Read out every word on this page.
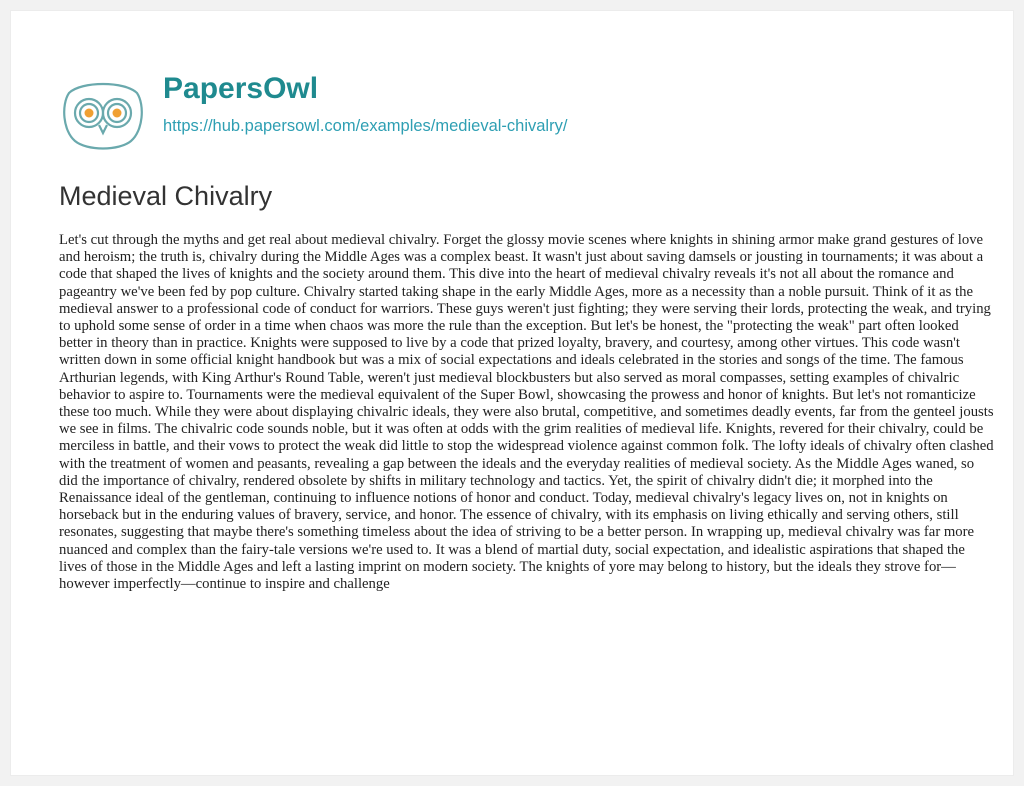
PapersOwl
https://hub.papersowl.com/examples/medieval-chivalry/
Medieval Chivalry

Let's cut through the myths and get real about medieval chivalry. Forget the glossy movie scenes where knights in shining armor make grand gestures of love and heroism; the truth is, chivalry during the Middle Ages was a complex beast. It wasn't just about saving damsels or jousting in tournaments; it was about a code that shaped the lives of knights and the society around them. This dive into the heart of medieval chivalry reveals it's not all about the romance and pageantry we've been fed by pop culture. Chivalry started taking shape in the early Middle Ages, more as a necessity than a noble pursuit. Think of it as the medieval answer to a professional code of conduct for warriors. These guys weren't just fighting; they were serving their lords, protecting the weak, and trying to uphold some sense of order in a time when chaos was more the rule than the exception. But let's be honest, the "protecting the weak" part often looked better in theory than in practice. Knights were supposed to live by a code that prized loyalty, bravery, and courtesy, among other virtues. This code wasn't written down in some official knight handbook but was a mix of social expectations and ideals celebrated in the stories and songs of the time. The famous Arthurian legends, with King Arthur's Round Table, weren't just medieval blockbusters but also served as moral compasses, setting examples of chivalric behavior to aspire to. Tournaments were the medieval equivalent of the Super Bowl, showcasing the prowess and honor of knights. But let's not romanticize these too much. While they were about displaying chivalric ideals, they were also brutal, competitive, and sometimes deadly events, far from the genteel jousts we see in films. The chivalric code sounds noble, but it was often at odds with the grim realities of medieval life. Knights, revered for their chivalry, could be merciless in battle, and their vows to protect the weak did little to stop the widespread violence against common folk. The lofty ideals of chivalry often clashed with the treatment of women and peasants, revealing a gap between the ideals and the everyday realities of medieval society. As the Middle Ages waned, so did the importance of chivalry, rendered obsolete by shifts in military technology and tactics. Yet, the spirit of chivalry didn't die; it morphed into the Renaissance ideal of the gentleman, continuing to influence notions of honor and conduct. Today, medieval chivalry's legacy lives on, not in knights on horseback but in the enduring values of bravery, service, and honor. The essence of chivalry, with its emphasis on living ethically and serving others, still resonates, suggesting that maybe there's something timeless about the idea of striving to be a better person. In wrapping up, medieval chivalry was far more nuanced and complex than the fairy-tale versions we're used to. It was a blend of martial duty, social expectation, and idealistic aspirations that shaped the lives of those in the Middle Ages and left a lasting imprint on modern society. The knights of yore may belong to history, but the ideals they strove for—however imperfectly—continue to inspire and challenge
